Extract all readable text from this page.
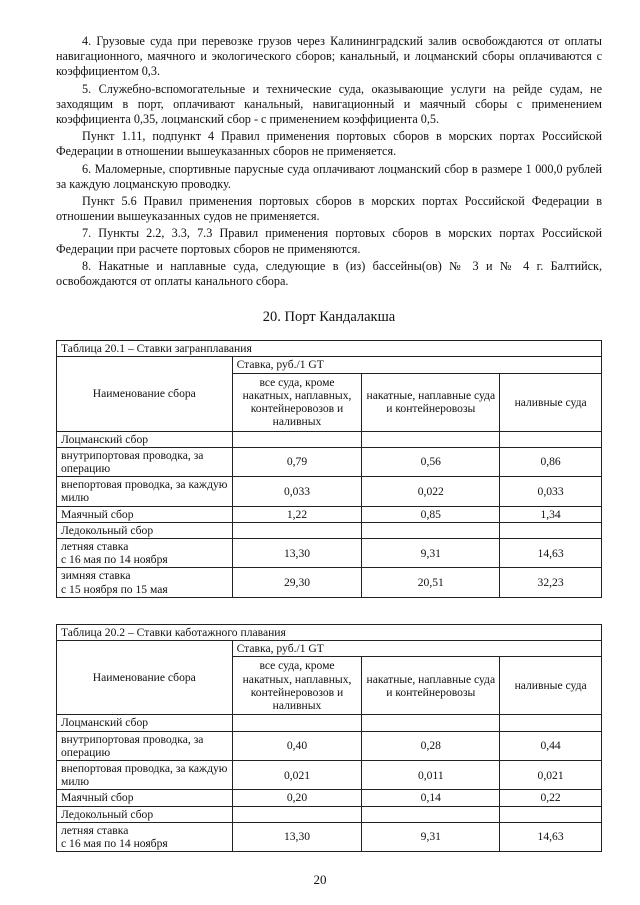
4. Грузовые суда при перевозке грузов через Калининградский залив освобождаются от оплаты навигационного, маячного и экологического сборов; канальный, и лоцманский сборы оплачиваются с коэффициентом 0,3.

5. Служебно-вспомогательные и технические суда, оказывающие услуги на рейде судам, не заходящим в порт, оплачивают канальный, навигационный и маячный сборы с применением коэффициента 0,35, лоцманский сбор - с применением коэффициента 0,5.

Пункт 1.11, подпункт 4 Правил применения портовых сборов в морских портах Российской Федерации в отношении вышеуказанных сборов не применяется.

6. Маломерные, спортивные парусные суда оплачивают лоцманский сбор в размере 1 000,0 рублей за каждую лоцманскую проводку.

Пункт 5.6 Правил применения портовых сборов в морских портах Российской Федерации в отношении вышеуказанных судов не применяется.

7. Пункты 2.2, 3.3, 7.3 Правил применения портовых сборов в морских портах Российской Федерации при расчете портовых сборов не применяются.

8. Накатные и наплавные суда, следующие в (из) бассейны(ов) № 3 и № 4 г. Балтийск, освобождаются от оплаты канального сбора.

20. Порт Кандалакша
Таблица 20.1 – Ставки загранплавания			
Наименование сбора	Ставка, руб./1 GT		
	все суда, кроме накатных, наплавных, контейнеровозов и наливных	накатные, наплавные суда и контейнеровозы	наливные суда
Лоцманский сбор			
внутрипортовая проводка, за операцию	0,79	0,56	0,86
внепортовая проводка, за каждую милю	0,033	0,022	0,033
Маячный сбор	1,22	0,85	1,34
Ледокольный сбор			
летняя ставка
с 16 мая по 14 ноября	13,30	9,31	14,63
зимняя ставка
с 15 ноября по 15 мая	29,30	20,51	32,23
Таблица 20.2 – Ставки каботажного плавания			
Наименование сбора	Ставка, руб./1 GT		
	все суда, кроме накатных, наплавных, контейнеровозов и наливных	накатные, наплавные суда и контейнеровозы	наливные суда
Лоцманский сбор			
внутрипортовая проводка, за операцию	0,40	0,28	0,44
внепортовая проводка, за каждую милю	0,021	0,011	0,021
Маячный сбор	0,20	0,14	0,22
Ледокольный сбор			
летняя ставка
с 16 мая по 14 ноября	13,30	9,31	14,63
20
